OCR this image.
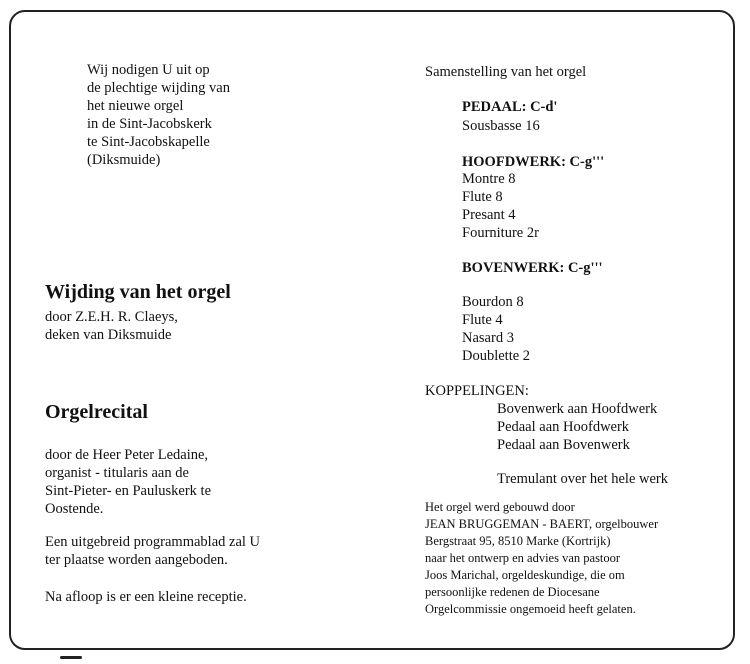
Wij nodigen U uit op
de plechtige wijding van
het nieuwe orgel
in de Sint-Jacobskerk
te Sint-Jacobskapelle
(Diksmuide)
Wijding van het orgel
door Z.E.H. R. Claeys,
deken van Diksmuide
Orgelrecital
door de Heer Peter Ledaine,
organist - titularis aan de
Sint-Pieter- en Pauluskerk te
Oostende.
Een uitgebreid programmablad zal U
ter plaatse worden aangeboden.
Na afloop is er een kleine receptie.
Samenstelling van het orgel
PEDAAL: C-d'
Sousbasse 16
HOOFDWERK: C-g'''
Montre 8
Flute 8
Presant 4
Fourniture 2r
BOVENWERK: C-g'''
Bourdon 8
Flute 4
Nasard 3
Doublette 2
KOPPELINGEN:
Bovenwerk aan Hoofdwerk
Pedaal aan Hoofdwerk
Pedaal aan Bovenwerk
Tremulant over het hele werk
Het orgel werd gebouwd door
JEAN BRUGGEMAN - BAERT, orgelbouwer
Bergstraat 95, 8510 Marke (Kortrijk)
naar het ontwerp en advies van pastoor
Joos Marichal, orgeldeskundige, die om
persoonlijke redenen de Diocesane
Orgelcommissie ongemoeid heeft gelaten.
